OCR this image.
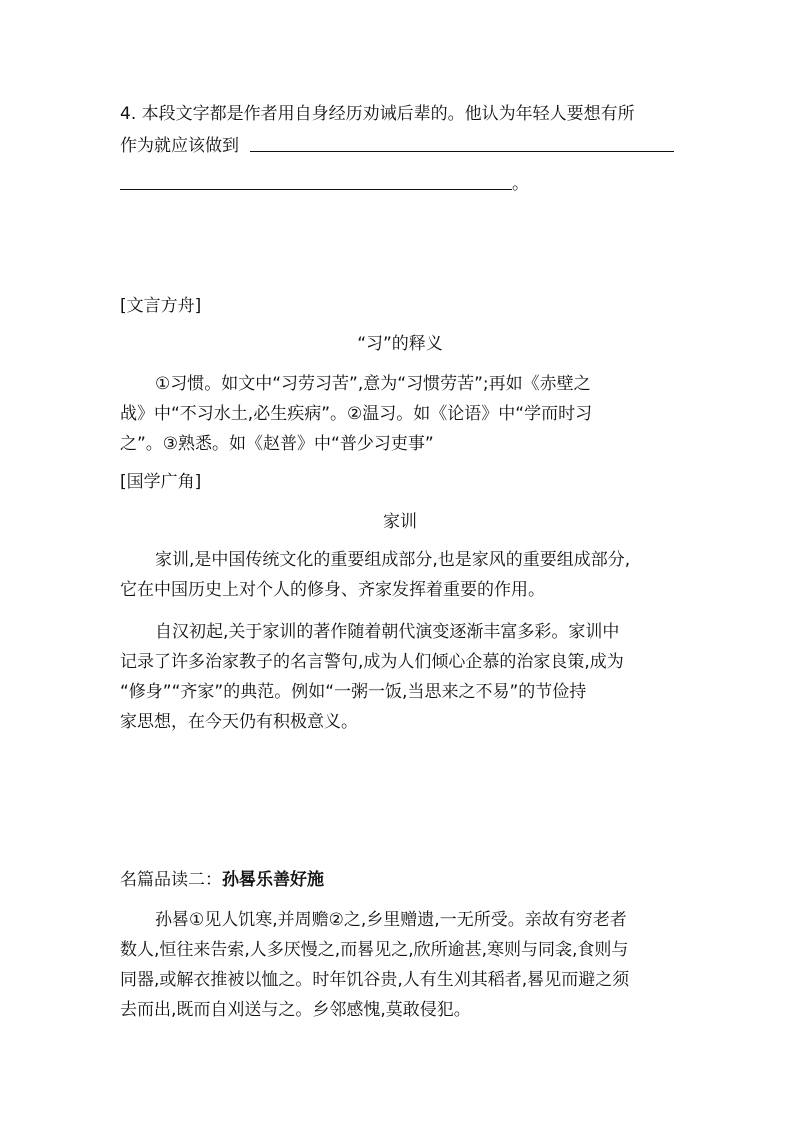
4. 本段文字都是作者用自身经历劝诫后辈的。他认为年轻人要想有所
作为就应该做到
。
[文言方舟]
“习”的释义
①习惯。如文中“习劳习苦”,意为“习惯劳苦”;再如《赤壁之
战》中“不习水土,必生疾病”。②温习。如《论语》中“学而时习
之”。③熟悉。如《赵普》中“普少习吏事”
[国学广角]
家训
家训,是中国传统文化的重要组成部分,也是家风的重要组成部分,
它在中国历史上对个人的修身、齐家发挥着重要的作用。
自汉初起,关于家训的著作随着朝代演变逐渐丰富多彩。家训中
记录了许多治家教子的名言警句,成为人们倾心企慕的治家良策,成为
“修身”“齐家”的典范。例如“一粥一饭,当思来之不易”的节俭持
家思想，在今天仍有积极意义。
名篇品读二：孙晷乐善好施
孙晷①见人饥寒,并周赡②之,乡里赠遗,一无所受。亲故有穷老者
数人,恒往来告索,人多厌慢之,而晷见之,欣所逾甚,寒则与同衾,食则与
同器,或解衣推被以恤之。时年饥谷贵,人有生刈其稻者,晷见而避之须
去而出,既而自刈送与之。乡邻感愧,莫敢侵犯。
